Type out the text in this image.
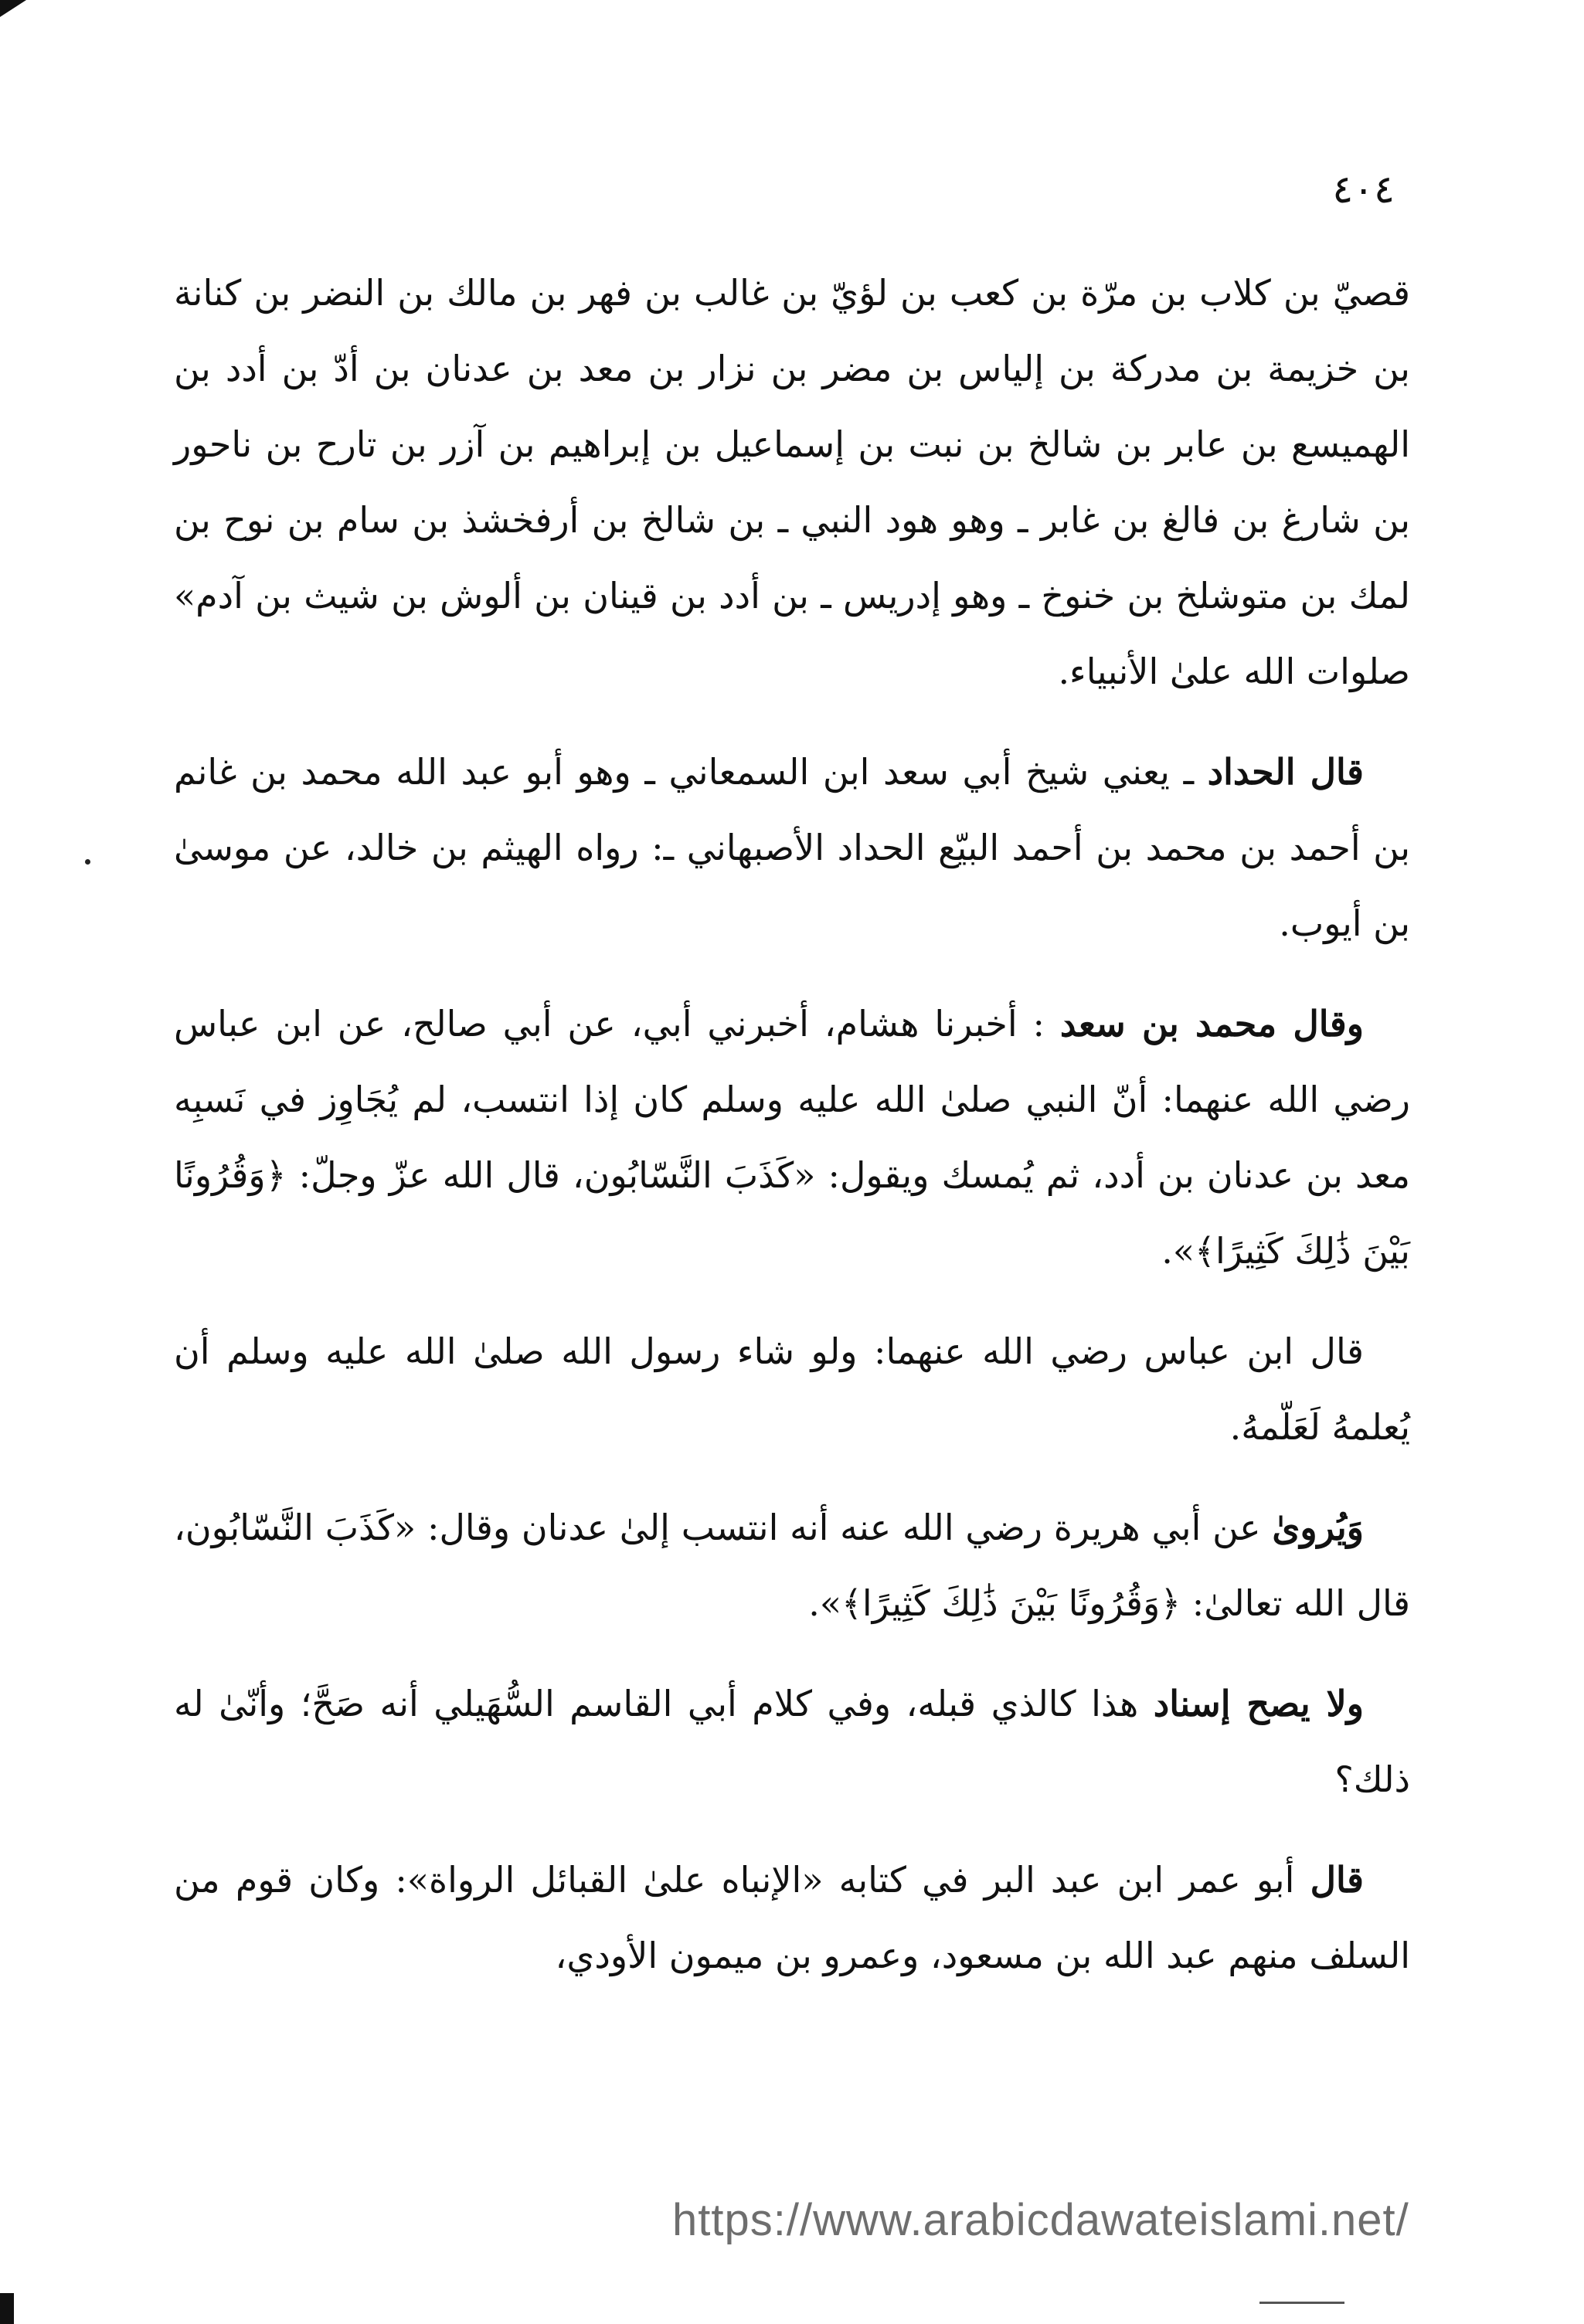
٤٠٤

قصيّ بن كلاب بن مرّة بن كعب بن لؤيّ بن غالب بن فهر بن مالك بن النضر بن كنانة بن خزيمة بن مدركة بن إلياس بن مضر بن نزار بن معد بن عدنان بن أدّ بن أدد بن الهميسع بن عابر بن شالخ بن نبت بن إسماعيل بن إبراهيم بن آزر بن تارح بن ناحور بن شارغ بن فالغ بن غابر ـ وهو هود النبي ـ بن شالخ بن أرفخشذ بن سام بن نوح بن لمك بن متوشلخ بن خنوخ ـ وهو إدريس ـ بن أدد بن قينان بن ألوش بن شيث بن آدم» صلوات الله علىٰ الأنبياء.

قال الحداد ـ يعني شيخ أبي سعد ابن السمعاني ـ وهو أبو عبد الله محمد بن غانم بن أحمد بن محمد بن أحمد البيّع الحداد الأصبهاني ـ: رواه الهيثم بن خالد، عن موسىٰ بن أيوب.

وقال محمد بن سعد : أخبرنا هشام، أخبرني أبي، عن أبي صالح، عن ابن عباس رضي الله عنهما: أنّ النبي صلىٰ الله عليه وسلم كان إذا انتسب، لم يُجَاوِز في نَسبِه معد بن عدنان بن أدد، ثم يُمسك ويقول: «كَذَبَ النَّسّابُون، قال الله عزّ وجلّ: ﴿وَقُرُونًا بَيْنَ ذَٰلِكَ كَثِيرًا﴾».

قال ابن عباس رضي الله عنهما: ولو شاء رسول الله صلىٰ الله عليه وسلم أن يُعلمهُ لَعَلّمهُ.

وَيُروىٰ عن أبي هريرة رضي الله عنه أنه انتسب إلىٰ عدنان وقال: «كَذَبَ النَّسّابُون، قال الله تعالىٰ: ﴿وَقُرُونًا بَيْنَ ذَٰلِكَ كَثِيرًا﴾».

ولا يصح إسناد هذا كالذي قبله، وفي كلام أبي القاسم السُّهَيلي أنه صَحَّ؛ وأنّىٰ له ذلك؟

قال أبو عمر ابن عبد البر في كتابه «الإنباه علىٰ القبائل الرواة»: وكان قوم من السلف منهم عبد الله بن مسعود، وعمرو بن ميمون الأودي،

https://www.arabicdawateislami.net/
